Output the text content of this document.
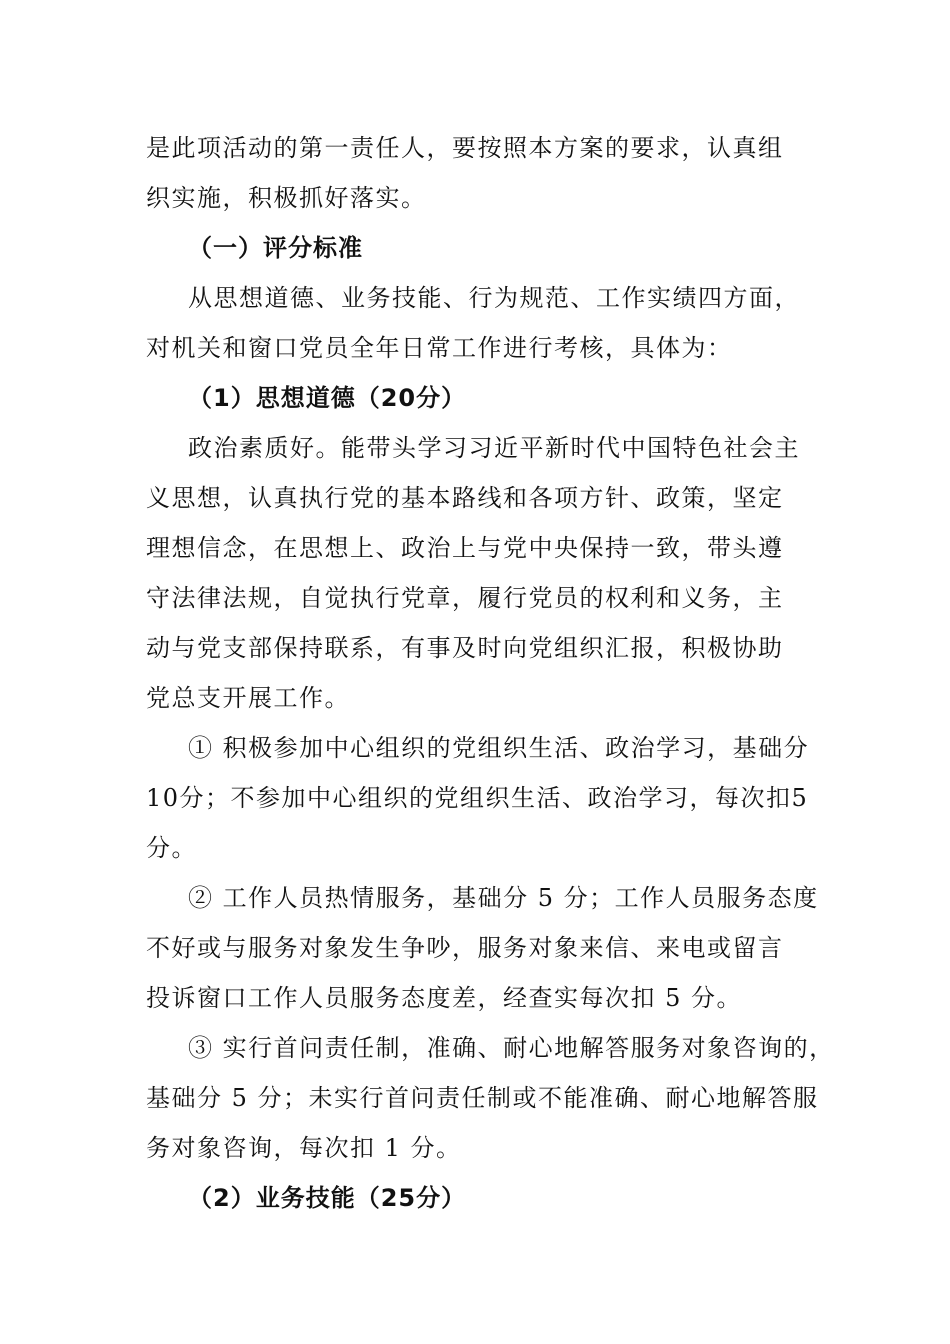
是此项活动的第一责任人，要按照本方案的要求，认真组
织实施，积极抓好落实。
（一）评分标准
从思想道德、业务技能、行为规范、工作实绩四方面，
对机关和窗口党员全年日常工作进行考核，具体为：
（1）思想道德（20分）
政治素质好。能带头学习习近平新时代中国特色社会主
义思想，认真执行党的基本路线和各项方针、政策，坚定
理想信念，在思想上、政治上与党中央保持一致，带头遵
守法律法规，自觉执行党章，履行党员的权利和义务，主
动与党支部保持联系，有事及时向党组织汇报，积极协助
党总支开展工作。
① 积极参加中心组织的党组织生活、政治学习，基础分
10分；不参加中心组织的党组织生活、政治学习，每次扣5
分。
② 工作人员热情服务，基础分 5 分；工作人员服务态度
不好或与服务对象发生争吵，服务对象来信、来电或留言
投诉窗口工作人员服务态度差，经查实每次扣 5 分。
③ 实行首问责任制，准确、耐心地解答服务对象咨询的，
基础分 5 分；未实行首问责任制或不能准确、耐心地解答服
务对象咨询，每次扣 1 分。
（2）业务技能（25分）
